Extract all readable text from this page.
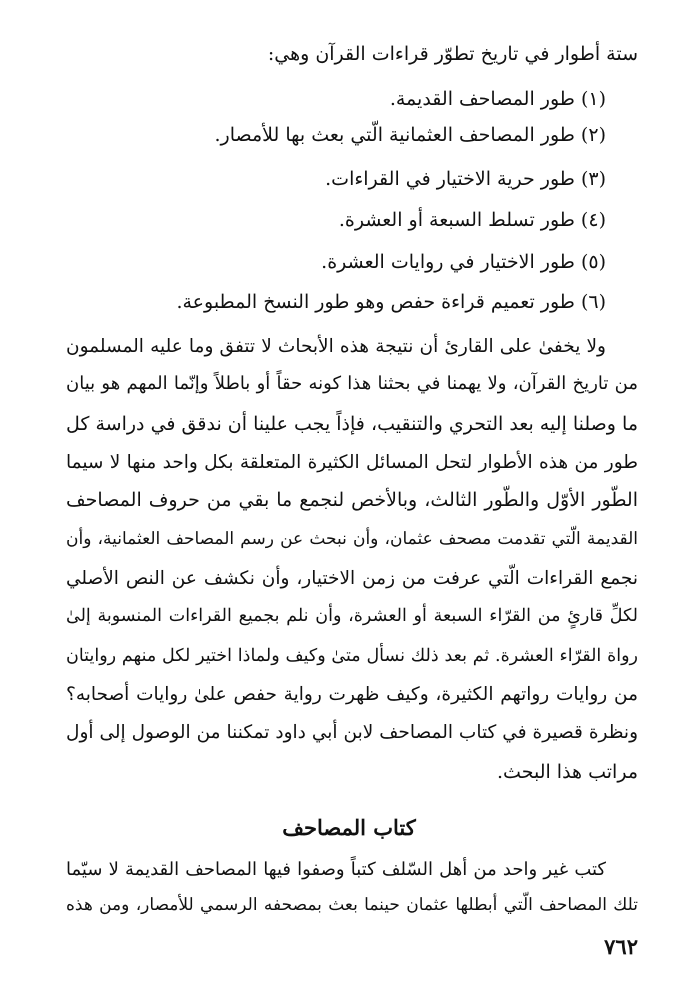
ستة أطوار في تاريخ تطوّر قراءات القرآن وهي:
(١) طور المصاحف القديمة.
(٢) طور المصاحف العثمانية الّتي بعث بها للأمصار.
(٣) طور حرية الاختيار في القراءات.
(٤) طور تسلط السبعة أو العشرة.
(٥) طور الاختيار في روايات العشرة.
(٦) طور تعميم قراءة حفص وهو طور النسخ المطبوعة.
ولا يخفىٰ على القارئ أن نتيجة هذه الأبحاث لا تتفق وما عليه المسلمون
من تاريخ القرآن، ولا يهمنا في بحثنا هذا كونه حقاً أو باطلاً وإنّما المهم هو بيان
ما وصلنا إليه بعد التحري والتنقيب، فإذاً يجب علينا أن ندقق في دراسة كل
طور من هذه الأطوار لتحل المسائل الكثيرة المتعلقة بكل واحد منها لا سيما
الطّور الأوّل والطّور الثالث، وبالأخص لنجمع ما بقي من حروف المصاحف
القديمة الّتي تقدمت مصحف عثمان، وأن نبحث عن رسم المصاحف العثمانية، وأن
نجمع القراءات الّتي عرفت من زمن الاختيار، وأن نكشف عن النص الأصلي
لكلِّ قارئٍ من القرّاء السبعة أو العشرة، وأن نلم بجميع القراءات المنسوبة إلىٰ
رواة القرّاء العشرة. ثم بعد ذلك نسأل متىٰ وكيف ولماذا اختير لكل منهم روايتان
من روايات رواتهم الكثيرة، وكيف ظهرت رواية حفص علىٰ روايات أصحابه؟
ونظرة قصيرة في كتاب المصاحف لابن أبي داود تمكننا من الوصول إلى أول
مراتب هذا البحث.
كتاب المصاحف
كتب غير واحد من أهل السّلف كتباً وصفوا فيها المصاحف القديمة لا سيّما
تلك المصاحف الّتي أبطلها عثمان حينما بعث بمصحفه الرسمي للأمصار، ومن هذه
٧٦٢
